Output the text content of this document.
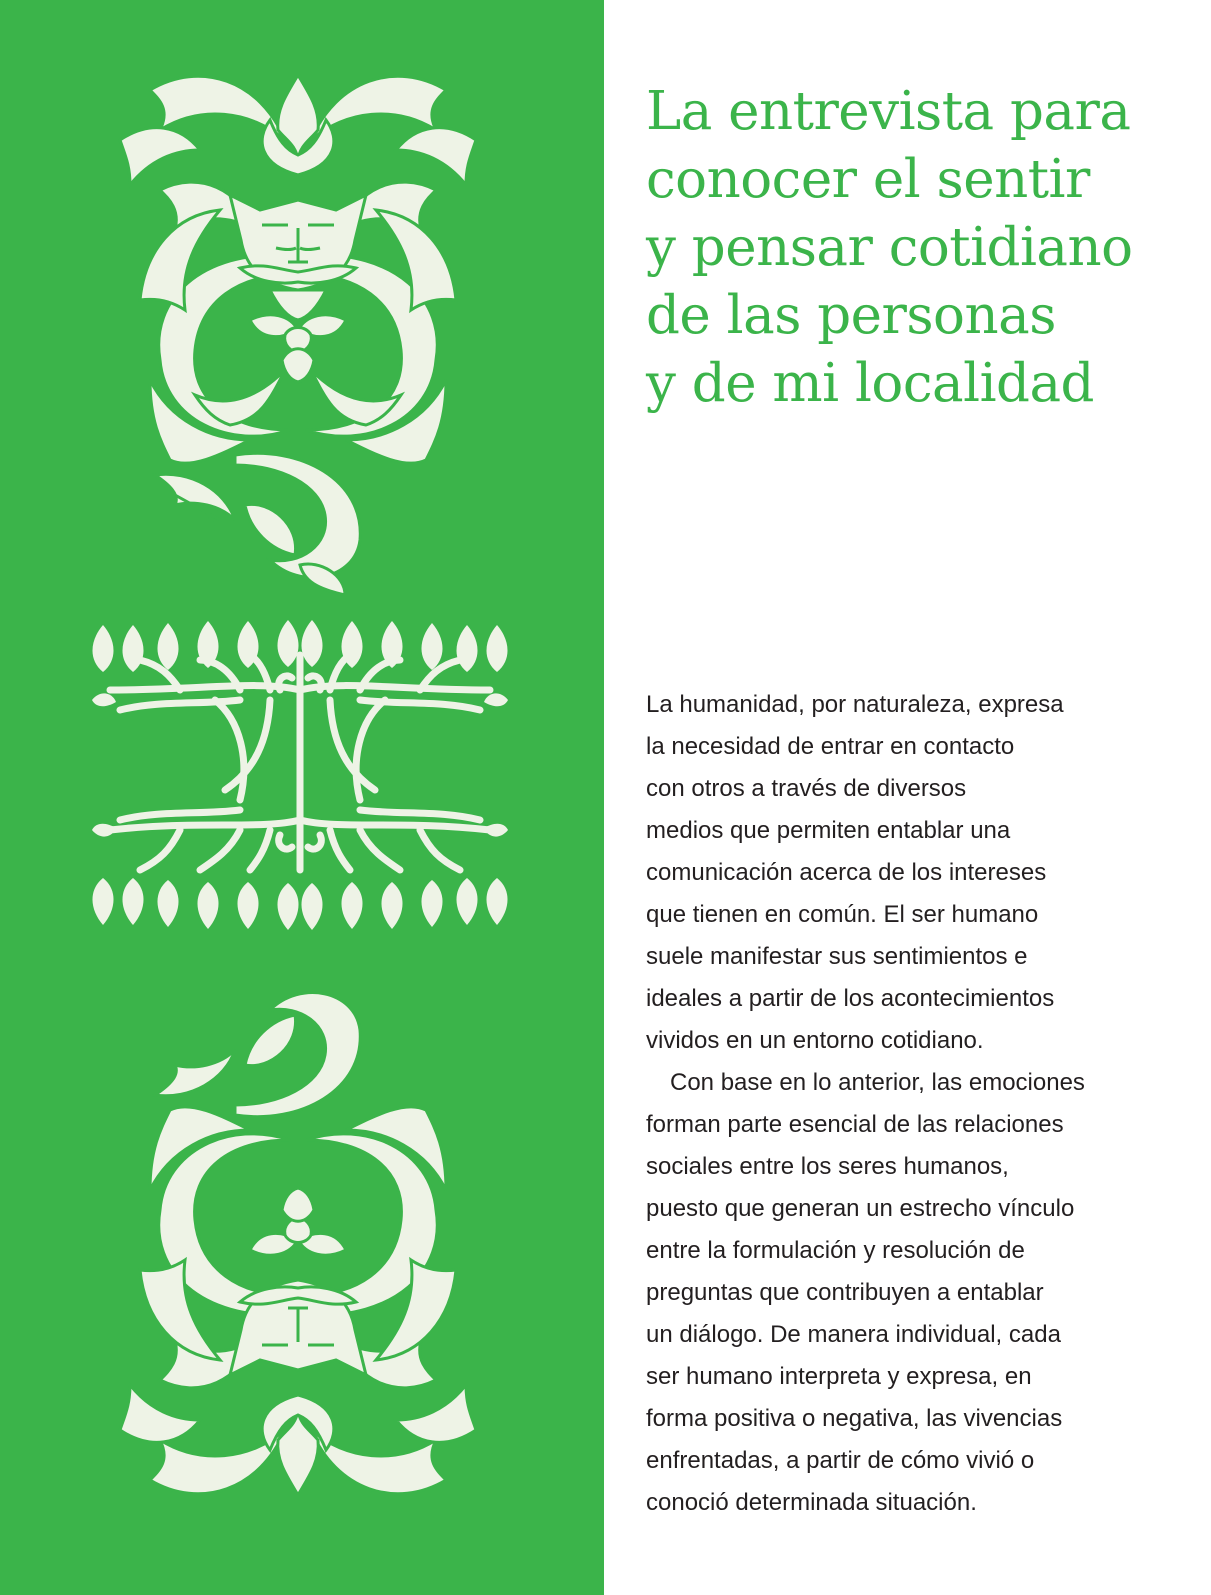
La entrevista para
conocer el sentir
y pensar cotidiano
de las personas
y de mi localidad
La humanidad, por naturaleza, expresa
la necesidad de entrar en contacto
con otros a través de diversos
medios que permiten entablar una
comunicación acerca de los intereses
que tienen en común. El ser humano
suele manifestar sus sentimientos e
ideales a partir de los acontecimientos
vividos en un entorno cotidiano.
Con base en lo anterior, las emociones
forman parte esencial de las relaciones
sociales entre los seres humanos,
puesto que generan un estrecho vínculo
entre la formulación y resolución de
preguntas que contribuyen a entablar
un diálogo. De manera individual, cada
ser humano interpreta y expresa, en
forma positiva o negativa, las vivencias
enfrentadas, a partir de cómo vivió o
conoció determinada situación.
